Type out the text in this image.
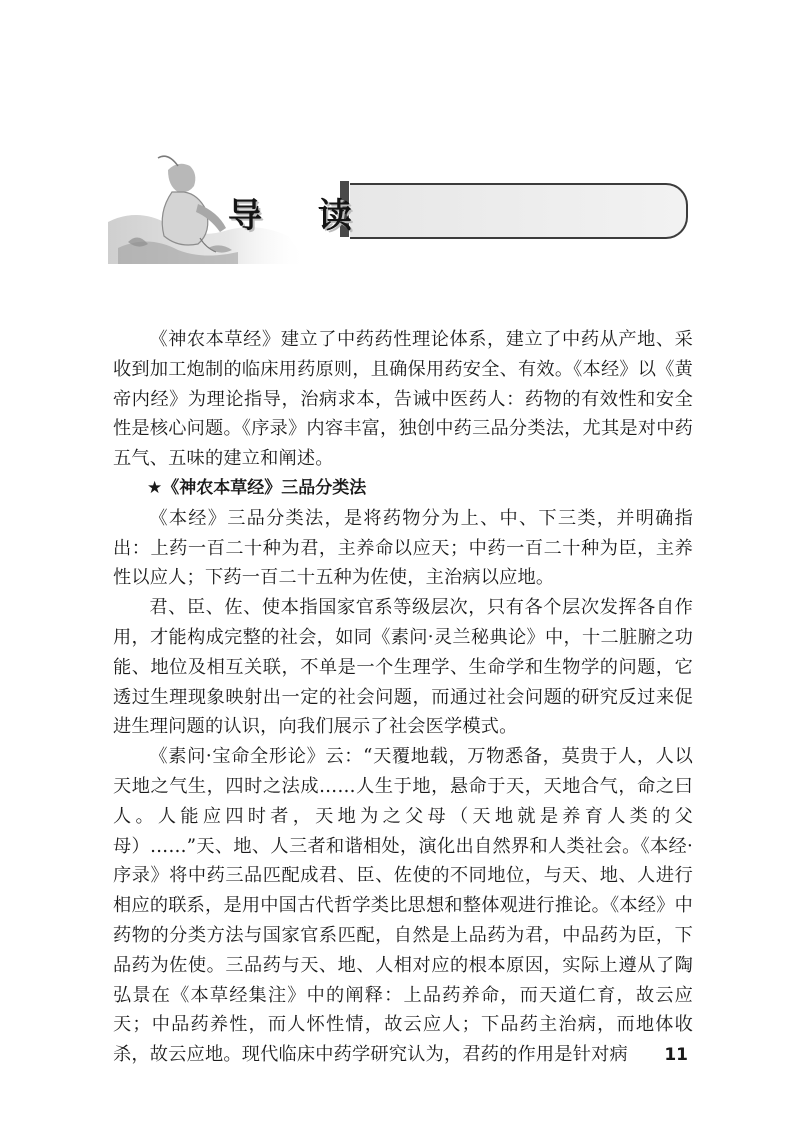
导 读

《神农本草经》建立了中药药性理论体系，建立了中药从产地、采收到加工炮制的临床用药原则，且确保用药安全、有效。《本经》以《黄帝内经》为理论指导，治病求本，告诫中医药人：药物的有效性和安全性是核心问题。《序录》内容丰富，独创中药三品分类法，尤其是对中药五气、五味的建立和阐述。

★《神农本草经》三品分类法

《本经》三品分类法，是将药物分为上、中、下三类，并明确指出：上药一百二十种为君，主养命以应天；中药一百二十种为臣，主养性以应人；下药一百二十五种为佐使，主治病以应地。

君、臣、佐、使本指国家官系等级层次，只有各个层次发挥各自作用，才能构成完整的社会，如同《素问·灵兰秘典论》中，十二脏腑之功能、地位及相互关联，不单是一个生理学、生命学和生物学的问题，它透过生理现象映射出一定的社会问题，而通过社会问题的研究反过来促进生理问题的认识，向我们展示了社会医学模式。

《素问·宝命全形论》云：“天覆地载，万物悉备，莫贵于人，人以天地之气生，四时之法成……人生于地，悬命于天，天地合气，命之曰人。人能应四时者，天地为之父母（天地就是养育人类的父母）……”天、地、人三者和谐相处，演化出自然界和人类社会。《本经·序录》将中药三品匹配成君、臣、佐使的不同地位，与天、地、人进行相应的联系，是用中国古代哲学类比思想和整体观进行推论。《本经》中药物的分类方法与国家官系匹配，自然是上品药为君，中品药为臣，下品药为佐使。三品药与天、地、人相对应的根本原因，实际上遵从了陶弘景在《本草经集注》中的阐释：上品药养命，而天道仁育，故云应天；中品药养性，而人怀性情，故云应人；下品药主治病，而地体收杀，故云应地。现代临床中药学研究认为，君药的作用是针对病	11
